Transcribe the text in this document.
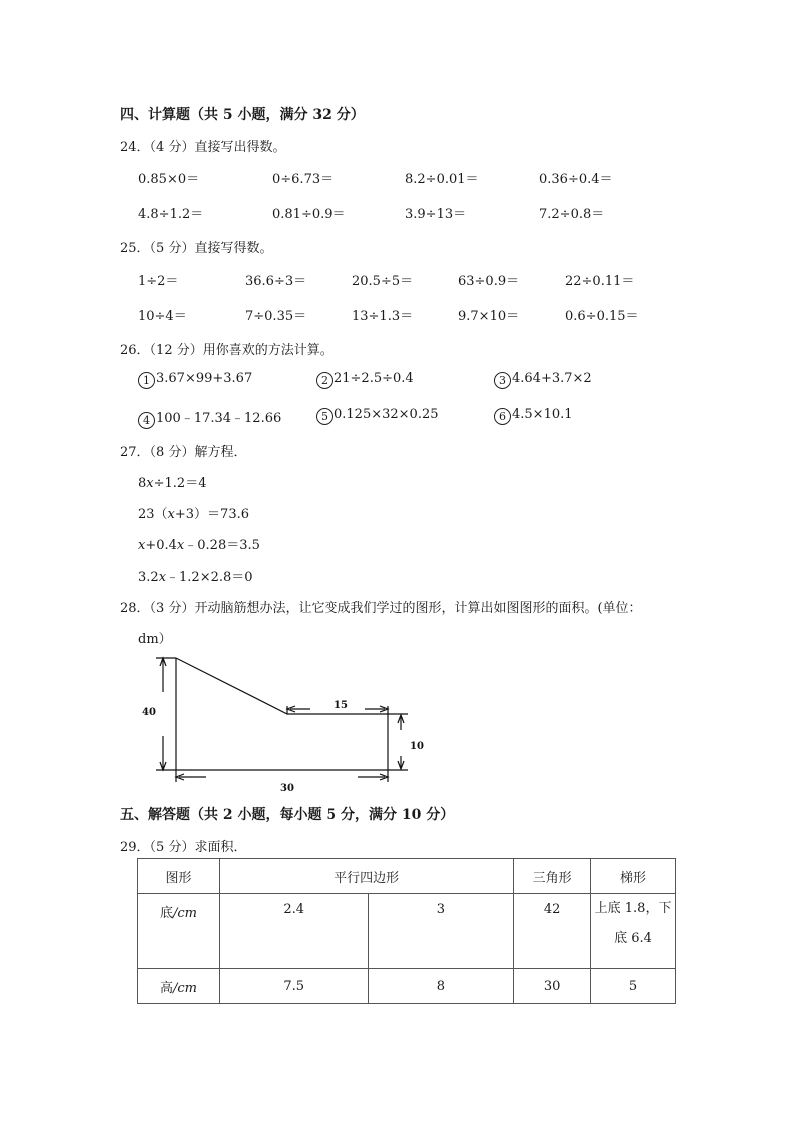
四、计算题（共 5 小题，满分 32 分）
24．（4 分）直接写出得数。
0.85×0＝	0÷6.73＝	8.2÷0.01＝	0.36÷0.4＝
4.8÷1.2＝	0.81÷0.9＝	3.9÷13＝	7.2÷0.8＝
25．（5 分）直接写得数。
1÷2＝	36.6÷3＝	20.5÷5＝	63÷0.9＝	22÷0.11＝
10÷4＝	7÷0.35＝	13÷1.3＝	9.7×10＝	0.6÷0.15＝
26．（12 分）用你喜欢的方法计算。
1 3.67×99+3.67	2 21÷2.5÷0.4	3 4.64+3.7×2
4 100﹣17.34﹣12.66	5 0.125×32×0.25	6 4.5×10.1
27．（8 分）解方程．
8x÷1.2＝4
23（x+3）＝73.6
x+0.4x﹣0.28＝3.5
3.2x﹣1.2×2.8＝0
28．（3 分）开动脑筋想办法，让它变成我们学过的图形，计算出如图图形的面积。(单位：
dm）
40
15
10
30
五、解答题（共 2 小题，每小题 5 分，满分 10 分）
29．（5 分）求面积．
图形	平行四边形		三角形	梯形
底/cm	2.4	3	42	上底 1.8，下
底 6.4

高/cm	7.5	8	30	5
